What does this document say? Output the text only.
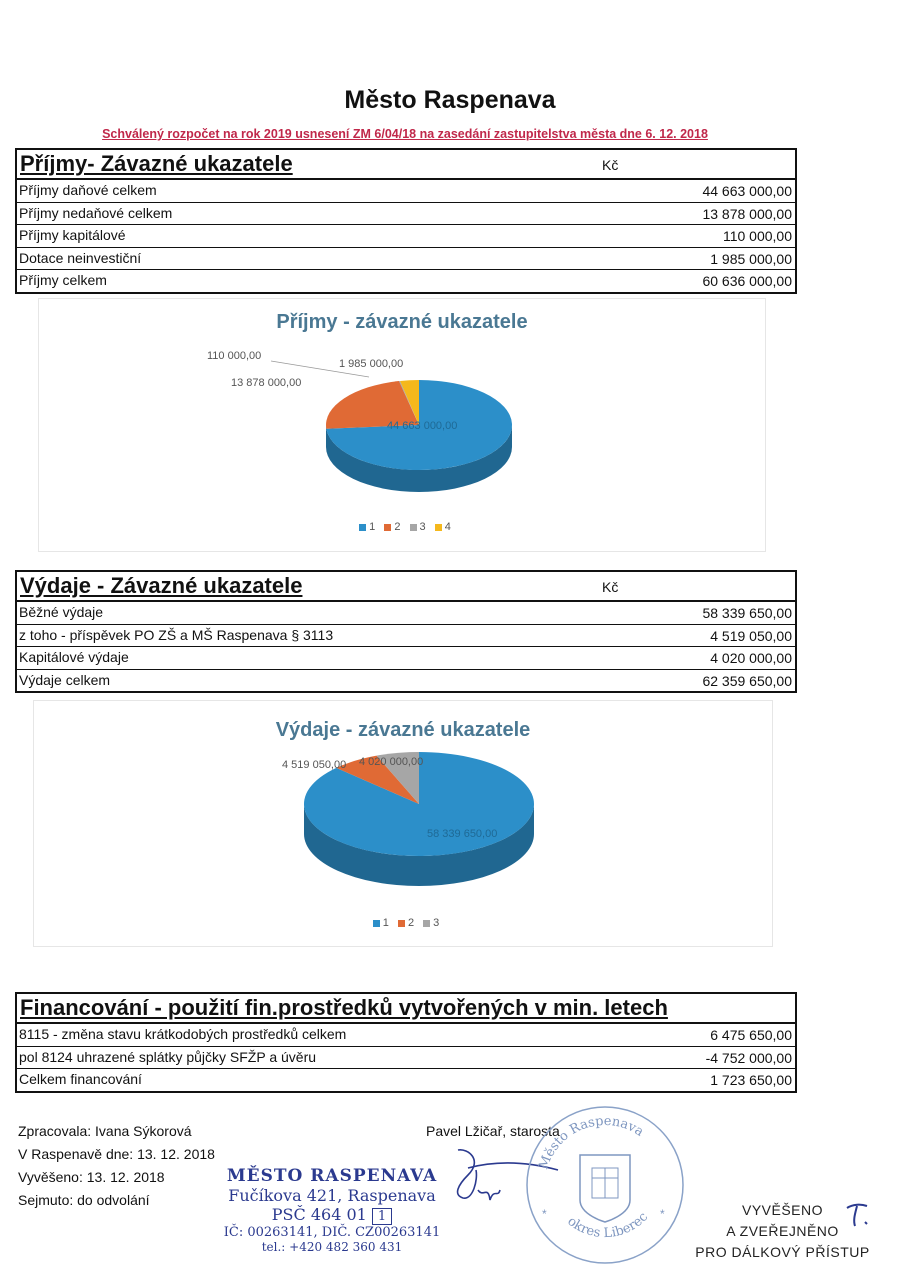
Město Raspenava
Schválený rozpočet na rok 2019 usnesení ZM 6/04/18 na zasedání zastupitelstva města dne 6. 12. 2018
Příjmy- Závazné ukazatele	Kč
Příjmy daňové celkem	44 663 000,00
Příjmy nedaňové celkem	13 878 000,00
Příjmy kapitálové	110 000,00
Dotace neinvestiční	1 985 000,00
Příjmy celkem	60 636 000,00
Příjmy - závazné ukazatele
44 663 000,00
13 878 000,00
110 000,00
1 985 000,00
1 2 3 4
Výdaje - Závazné ukazatele	Kč
Běžné výdaje	58 339 650,00
z toho - příspěvek PO ZŠ a MŠ Raspenava § 3113	4 519 050,00
Kapitálové výdaje	4 020 000,00
Výdaje celkem	62 359 650,00
Výdaje - závazné ukazatele
58 339 650,00
4 519 050,00 4 020 000,00
1 2 3
Financování - použití fin.prostředků vytvořených v min. letech
8115 - změna stavu krátkodobých prostředků celkem	6 475 650,00
pol 8124 uhrazené splátky půjčky SFŽP a úvěru	-4 752 000,00
Celkem financování	1 723 650,00
Zpracovala: Ivana Sýkorová
V Raspenavě dne: 13. 12. 2018
Vyvěšeno: 13. 12. 2018
Sejmuto: do odvolání
Pavel Lžičař, starosta
MĚSTO RASPENAVA
Fučíkova 421, Raspenava
PSČ 464 01 1
IČ: 00263141, DIČ. CZ00263141
tel.: +420 482 360 431
Město Raspenava
okres Liberec
*	*	VYVĚŠENO
A ZVEŘEJNĚNO
PRO DÁLKOVÝ PŘÍSTUP
